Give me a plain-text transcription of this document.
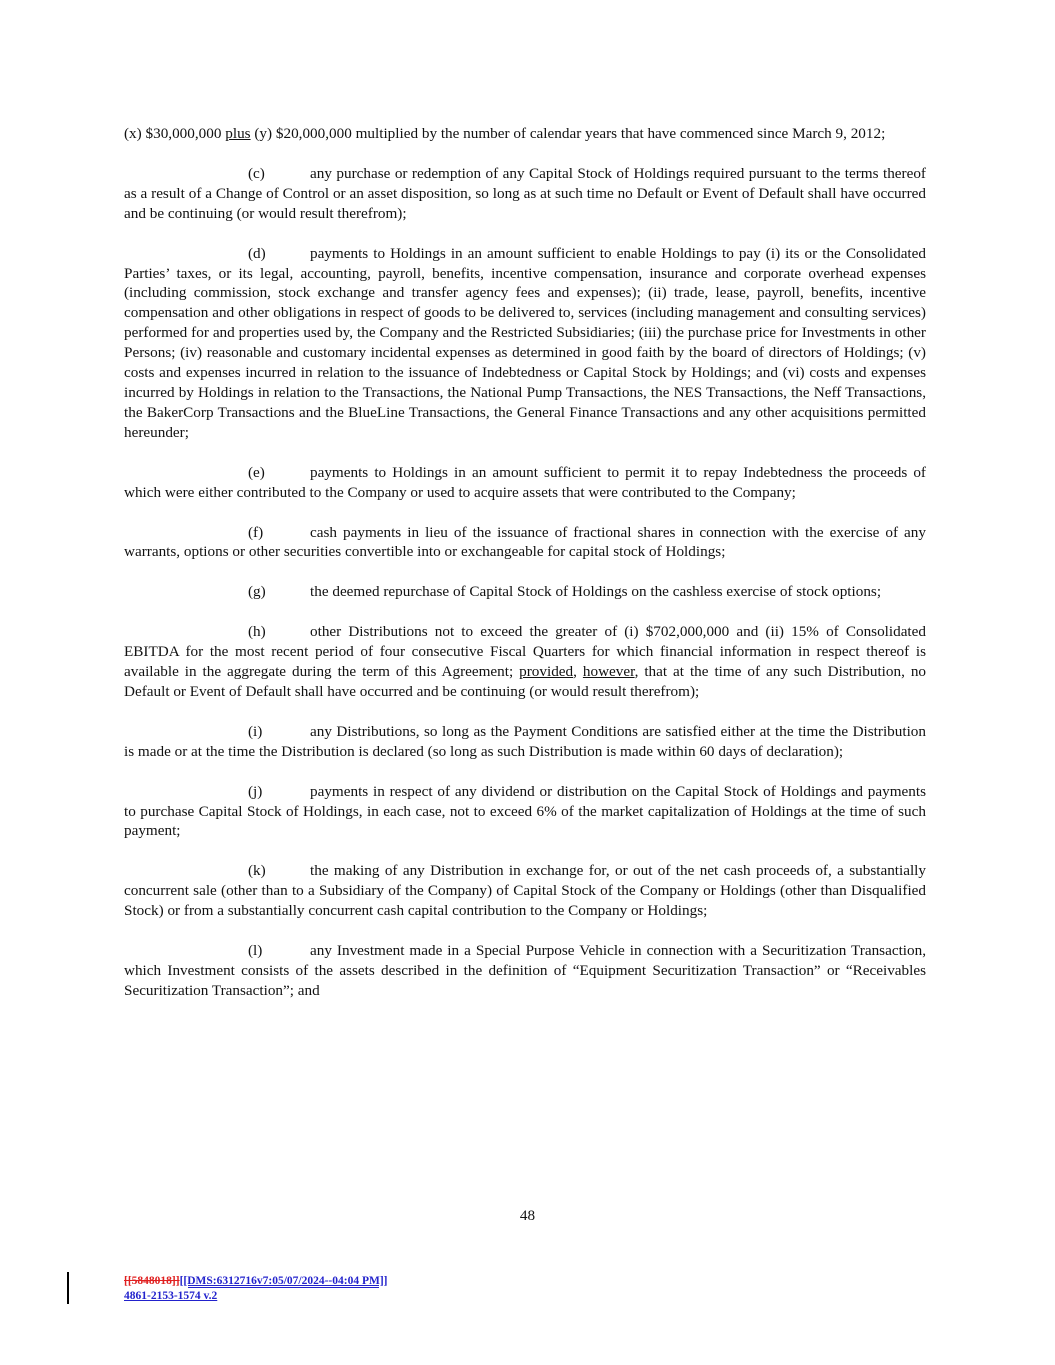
(x) $30,000,000 plus (y) $20,000,000 multiplied by the number of calendar years that have commenced since March 9, 2012;

(c)	any purchase or redemption of any Capital Stock of Holdings required pursuant to the terms thereof as a result of a Change of Control or an asset disposition, so long as at such time no Default or Event of Default shall have occurred and be continuing (or would result therefrom);

(d)	payments to Holdings in an amount sufficient to enable Holdings to pay (i) its or the Consolidated Parties’ taxes, or its legal, accounting, payroll, benefits, incentive compensation, insurance and corporate overhead expenses (including commission, stock exchange and transfer agency fees and expenses); (ii) trade, lease, payroll, benefits, incentive compensation and other obligations in respect of goods to be delivered to, services (including management and consulting services) performed for and properties used by, the Company and the Restricted Subsidiaries; (iii) the purchase price for Investments in other Persons; (iv) reasonable and customary incidental expenses as determined in good faith by the board of directors of Holdings; (v) costs and expenses incurred in relation to the issuance of Indebtedness or Capital Stock by Holdings; and (vi) costs and expenses incurred by Holdings in relation to the Transactions, the National Pump Transactions, the NES Transactions, the Neff Transactions, the BakerCorp Transactions and the BlueLine Transactions, the General Finance Transactions and any other acquisitions permitted hereunder;

(e)	payments to Holdings in an amount sufficient to permit it to repay Indebtedness the proceeds of which were either contributed to the Company or used to acquire assets that were contributed to the Company;

(f)	cash payments in lieu of the issuance of fractional shares in connection with the exercise of any warrants, options or other securities convertible into or exchangeable for capital stock of Holdings;

(g)	the deemed repurchase of Capital Stock of Holdings on the cashless exercise of stock options;

(h)	other Distributions not to exceed the greater of (i) $702,000,000 and (ii) 15% of Consolidated EBITDA for the most recent period of four consecutive Fiscal Quarters for which financial information in respect thereof is available in the aggregate during the term of this Agreement; provided, however, that at the time of any such Distribution, no Default or Event of Default shall have occurred and be continuing (or would result therefrom);

(i)	any Distributions, so long as the Payment Conditions are satisfied either at the time the Distribution is made or at the time the Distribution is declared (so long as such Distribution is made within 60 days of declaration);

(j)	payments in respect of any dividend or distribution on the Capital Stock of Holdings and payments to purchase Capital Stock of Holdings, in each case, not to exceed 6% of the market capitalization of Holdings at the time of such payment;

(k)	the making of any Distribution in exchange for, or out of the net cash proceeds of, a substantially concurrent sale (other than to a Subsidiary of the Company) of Capital Stock of the Company or Holdings (other than Disqualified Stock) or from a substantially concurrent cash capital contribution to the Company or Holdings;

(l)	any Investment made in a Special Purpose Vehicle in connection with a Securitization Transaction, which Investment consists of the assets described in the definition of “Equipment Securitization Transaction” or “Receivables Securitization Transaction”; and

48
[[5848018]][[DMS:6312716v7:05/07/2024--04:04 PM]]
4861-2153-1574 v.2
